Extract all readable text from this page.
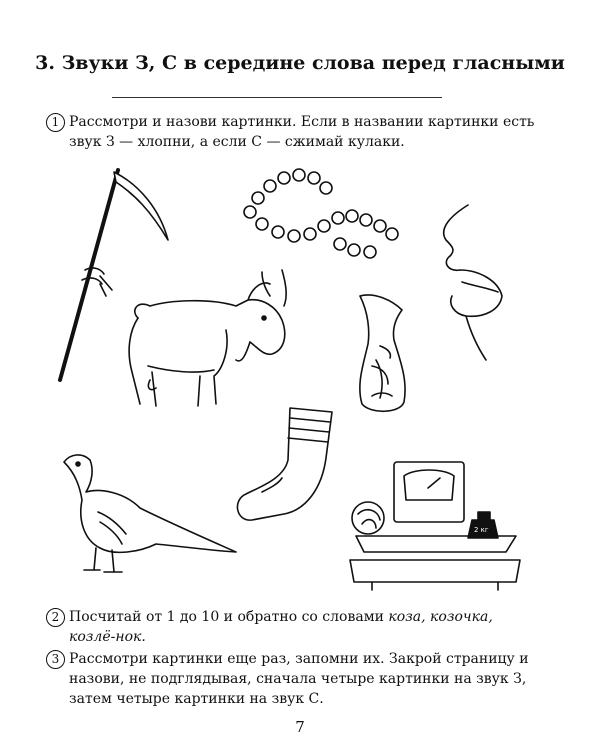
3. Звуки З, С в середине слова перед гласными
1 Рассмотри и назови картинки. Если в названии картинки есть звук З — хлопни, а если С — сжимай кулаки.

2 кг
2 Посчитай от 1 до 10 и обратно со словами коза, козочка, козлё-нок.

3 Рассмотри картинки еще раз, запомни их. Закрой страницу и назови, не подглядывая, сначала четыре картинки на звук З, затем четыре картинки на звук С.

7
